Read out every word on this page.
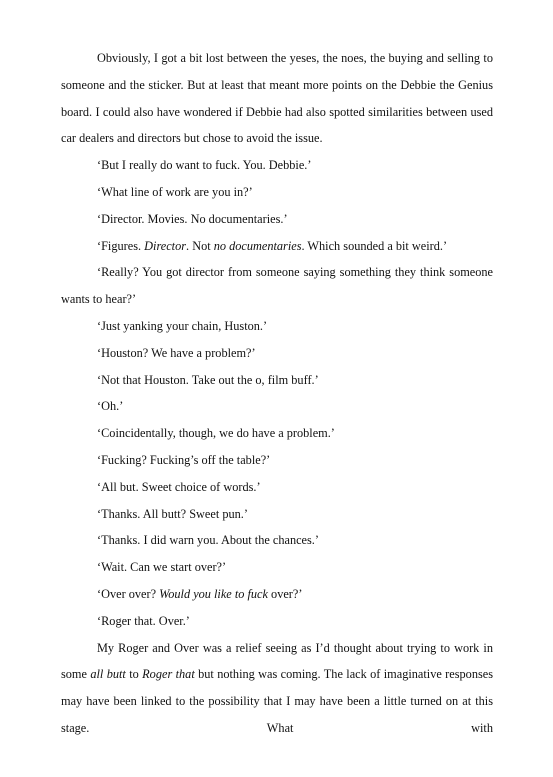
Obviously, I got a bit lost between the yeses, the noes, the buying and selling to someone and the sticker. But at least that meant more points on the Debbie the Genius board. I could also have wondered if Debbie had also spotted similarities between used car dealers and directors but chose to avoid the issue.

‘But I really do want to fuck. You. Debbie.’

‘What line of work are you in?’

‘Director. Movies. No documentaries.’

‘Figures. Director. Not no documentaries. Which sounded a bit weird.’

‘Really? You got director from someone saying something they think someone wants to hear?’

‘Just yanking your chain, Huston.’

‘Houston? We have a problem?’

‘Not that Houston. Take out the o, film buff.’

‘Oh.’

‘Coincidentally, though, we do have a problem.’

‘Fucking? Fucking’s off the table?’

‘All but. Sweet choice of words.’

‘Thanks. All butt? Sweet pun.’

‘Thanks. I did warn you. About the chances.’

‘Wait. Can we start over?’

‘Over over? Would you like to fuck over?’

‘Roger that. Over.’

My Roger and Over was a relief seeing as I’d thought about trying to work in some all butt to Roger that but nothing was coming. The lack of imaginative responses may have been linked to the possibility that I may have been a little turned on at this stage. What with
